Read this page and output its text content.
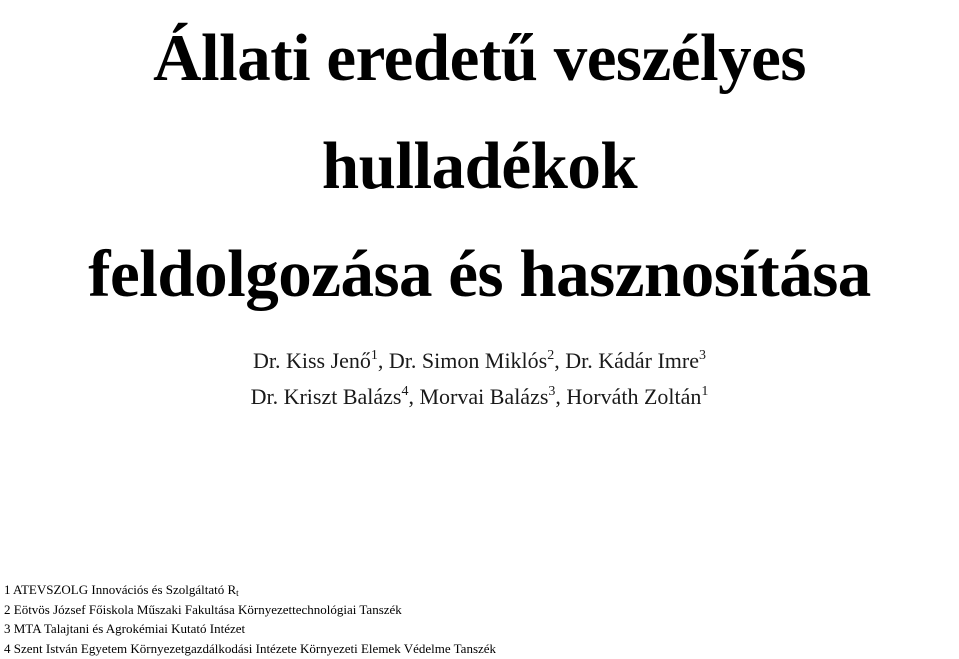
Állati eredetű veszélyes
hulladékok
feldolgozása és hasznosítása
Dr. Kiss Jenő$^1$, Dr. Simon Miklós$^2$, Dr. Kádár Imre$^3$
Dr. Kriszt Balázs$^4$, Morvai Balázs$^3$, Horváth Zoltán$^1$
1 ATEVSZOLG Innovációs és Szolgáltató $R_t$
2 Eötvös József Főiskola Műszaki Fakultása Környezettechnológiai Tanszék
3 MTA Talajtani és Agrokémiai Kutató Intézet
4 Szent István Egyetem Környezetgazdálkodási Intézete Környezeti Elemek Védelme Tanszék
